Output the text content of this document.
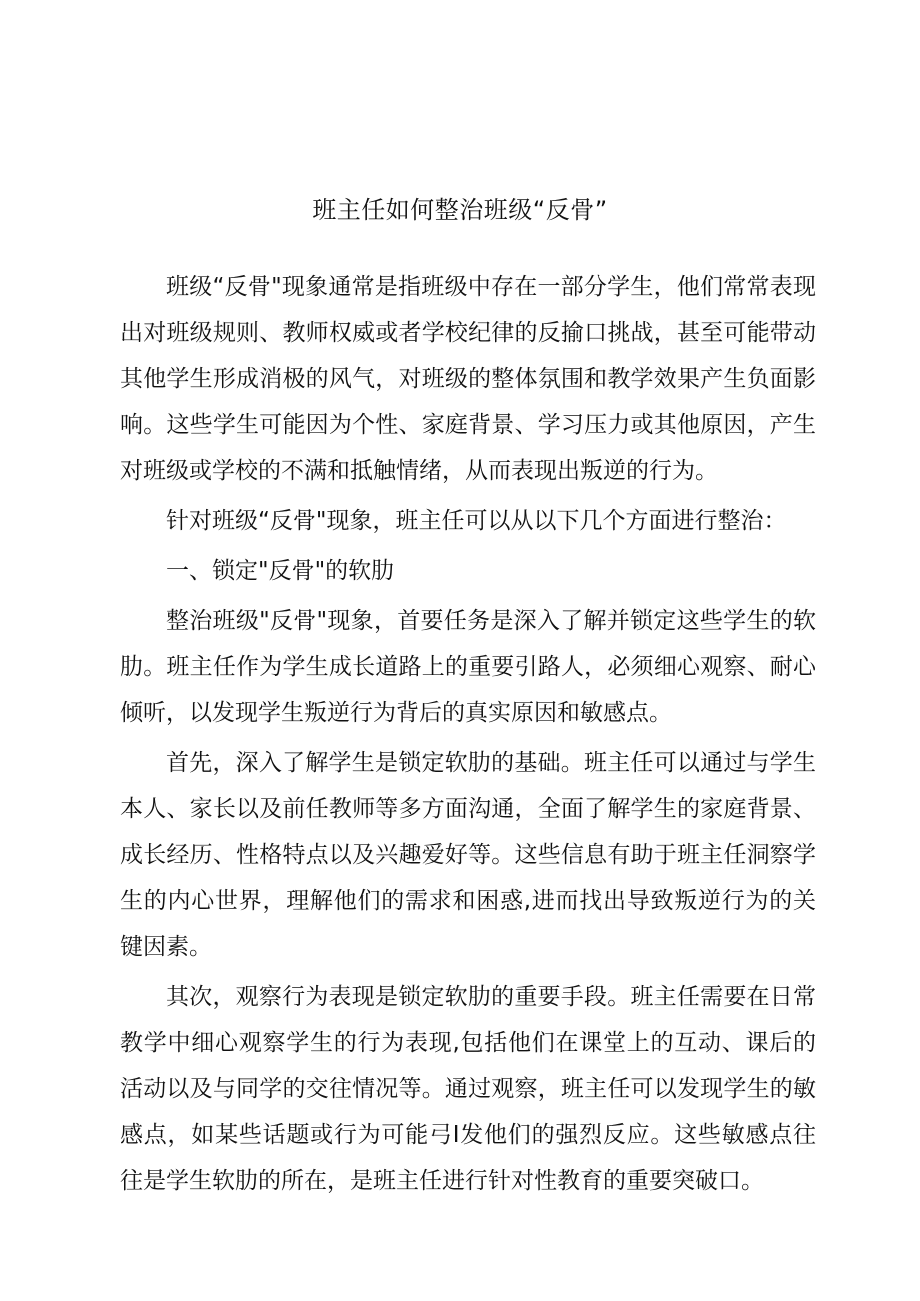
班主任如何整治班级“反骨”

班级“反骨"现象通常是指班级中存在一部分学生，他们常常表现出对班级规则、教师权威或者学校纪律的反揄口挑战，甚至可能带动其他学生形成消极的风气，对班级的整体氛围和教学效果产生负面影响。这些学生可能因为个性、家庭背景、学习压力或其他原因，产生对班级或学校的不满和抵触情绪，从而表现出叛逆的行为。

针对班级“反骨"现象，班主任可以从以下几个方面进行整治：

一、锁定"反骨"的软肋

整治班级"反骨"现象，首要任务是深入了解并锁定这些学生的软肋。班主任作为学生成长道路上的重要引路人，必须细心观察、耐心倾听，以发现学生叛逆行为背后的真实原因和敏感点。

首先，深入了解学生是锁定软肋的基础。班主任可以通过与学生本人、家长以及前任教师等多方面沟通，全面了解学生的家庭背景、成长经历、性格特点以及兴趣爱好等。这些信息有助于班主任洞察学生的内心世界，理解他们的需求和困惑,进而找出导致叛逆行为的关键因素。

其次，观察行为表现是锁定软肋的重要手段。班主任需要在日常教学中细心观察学生的行为表现,包括他们在课堂上的互动、课后的活动以及与同学的交往情况等。通过观察，班主任可以发现学生的敏感点，如某些话题或行为可能弓I发他们的强烈反应。这些敏感点往往是学生软肋的所在，是班主任进行针对性教育的重要突破口。
